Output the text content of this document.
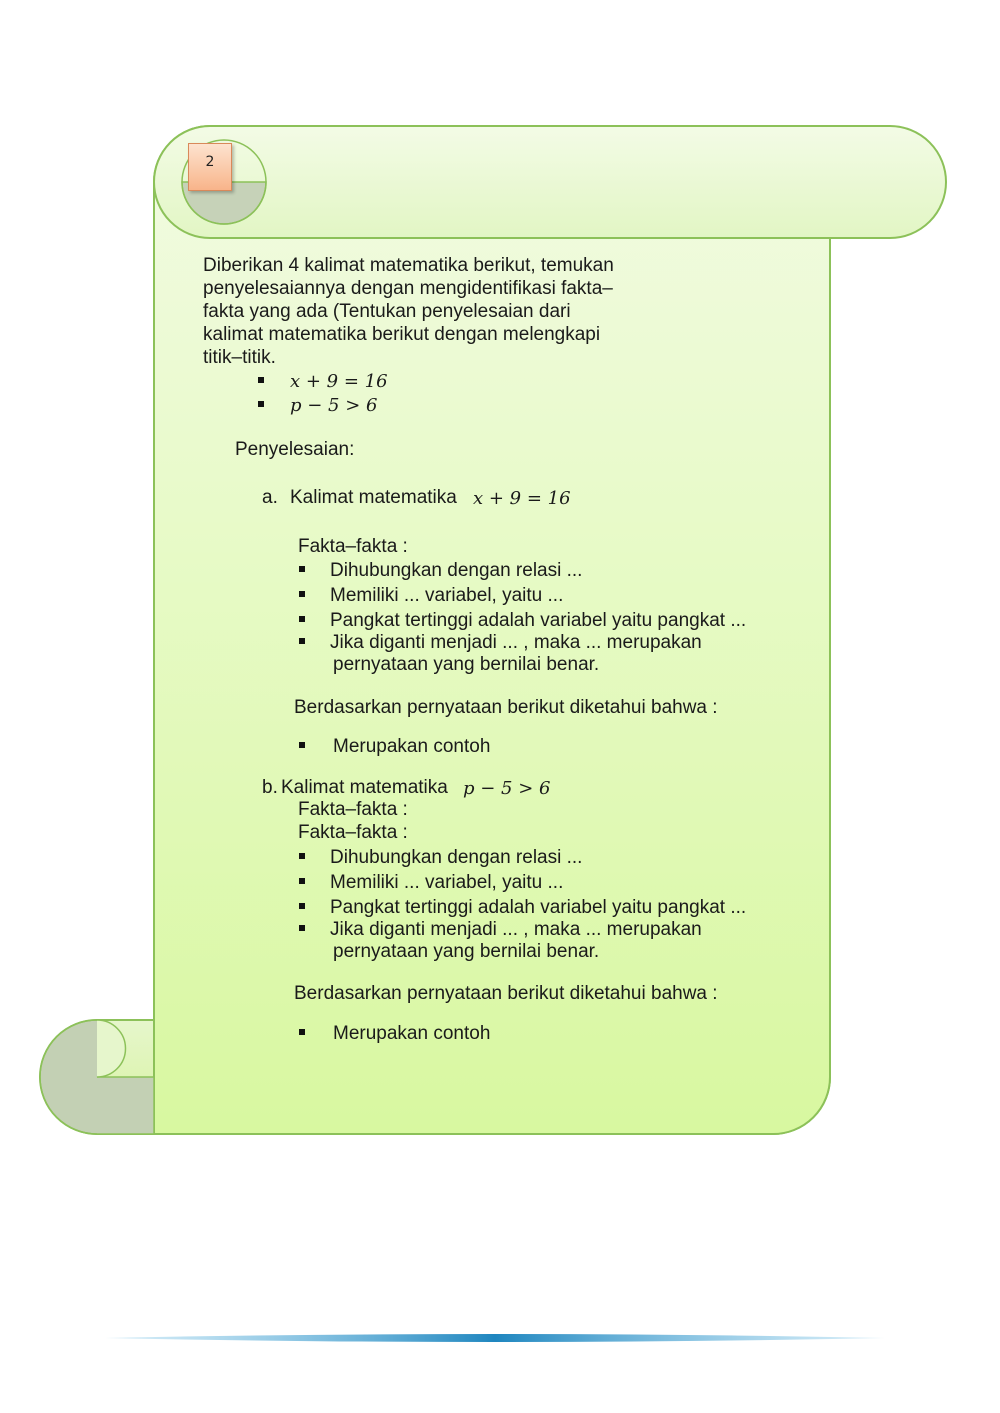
2
Diberikan 4 kalimat matematika berikut, temukan
penyelesaiannya dengan mengidentifikasi fakta–
fakta yang ada (Tentukan penyelesaian dari
kalimat matematika berikut dengan melengkapi
titik–titik.
x + 9 = 16
p − 5 > 6
Penyelesaian:
a. Kalimat matematika x + 9 = 16
Fakta–fakta :
Dihubungkan dengan relasi ...
Memiliki ... variabel, yaitu ...
Pangkat tertinggi adalah variabel yaitu pangkat ...
Jika diganti menjadi ... , maka ... merupakan
pernyataan yang bernilai benar.
Berdasarkan pernyataan berikut diketahui bahwa :
Merupakan contoh
b. Kalimat matematika p − 5 > 6
Fakta–fakta :
Fakta–fakta :
Dihubungkan dengan relasi ...
Memiliki ... variabel, yaitu ...
Pangkat tertinggi adalah variabel yaitu pangkat ...
Jika diganti menjadi ... , maka ... merupakan
pernyataan yang bernilai benar.
Berdasarkan pernyataan berikut diketahui bahwa :
Merupakan contoh
